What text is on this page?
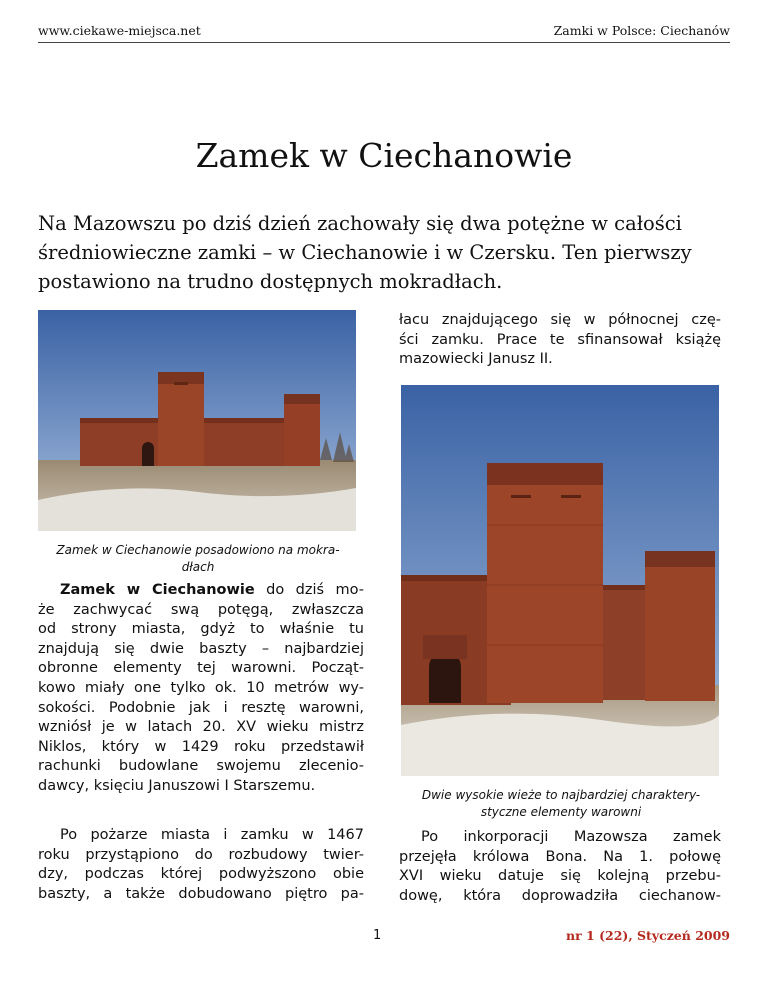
www.ciekawe-miejsca.net	Zamki w Polsce: Ciechanów
Zamek w Ciechanowie
Na Mazowszu po dziś dzień zachowały się dwa potężne w całości
średniowieczne zamki – w Ciechanowie i w Czersku. Ten pierwszy
postawiono na trudno dostępnych mokradłach.
Zamek w Ciechanowie posadowiono na mokra-
dłach
Dwie wysokie wieże to najbardziej charaktery-
styczne elementy warowni
Zamek w Ciechanowie do dziś mo-
że zachwycać swą potęgą, zwłaszcza
od strony miasta, gdyż to właśnie tu
znajdują się dwie baszty – najbardziej
obronne elementy tej warowni. Począt-
kowo miały one tylko ok. 10 metrów wy-
sokości. Podobnie jak i resztę warowni,
wzniósł je w latach 20. XV wieku mistrz
Niklos, który w 1429 roku przedstawił
rachunki budowlane swojemu zlecenio-
dawcy, księciu Januszowi I Starszemu.
Po pożarze miasta i zamku w 1467
roku przystąpiono do rozbudowy twier-
dzy, podczas której podwyższono obie
baszty, a także dobudowano piętro pa-
łacu znajdującego się w północnej czę-
ści zamku. Prace te sfinansował książę
mazowiecki Janusz II.
Po inkorporacji Mazowsza zamek
przejęła królowa Bona. Na 1. połowę
XVI wieku datuje się kolejną przebu-
dowę, która doprowadziła ciechanow-
1	nr 1 (22), Styczeń 2009
